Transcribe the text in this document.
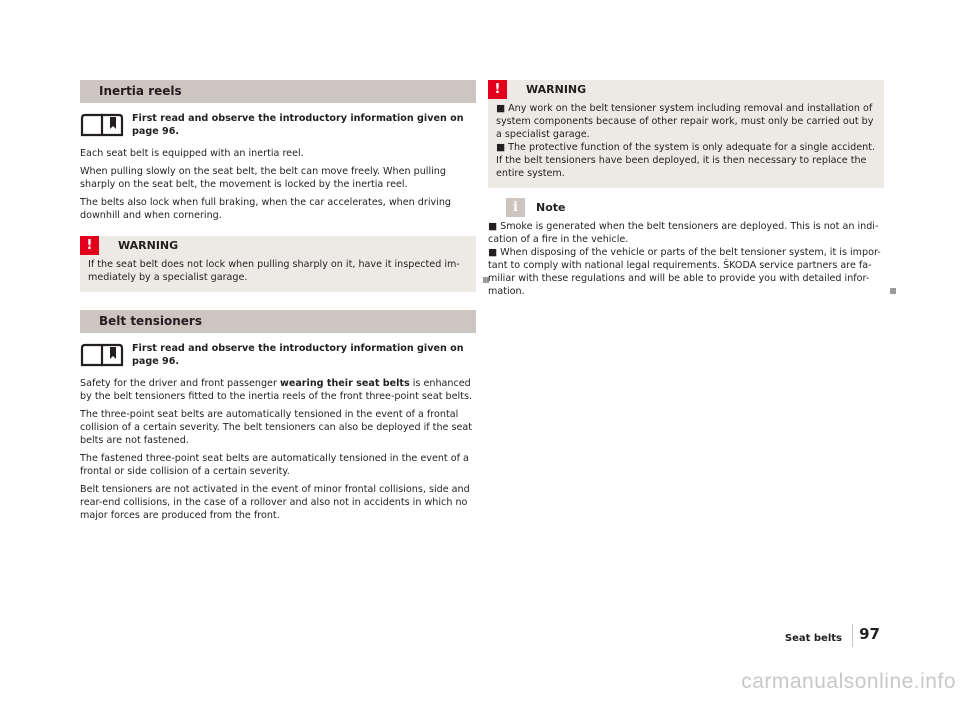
Inertia reels
First read and observe the introductory information given on page 96.

Each seat belt is equipped with an inertia reel.

When pulling slowly on the seat belt, the belt can move freely. When pulling sharply on the seat belt, the movement is locked by the inertia reel.

The belts also lock when full braking, when the car accelerates, when driving downhill and when cornering.

!	WARNING
If the seat belt does not lock when pulling sharply on it, have it inspected im-mediately by a specialist garage.
Belt tensioners
First read and observe the introductory information given on page 96.

Safety for the driver and front passenger wearing their seat belts is enhanced by the belt tensioners fitted to the inertia reels of the front three-point seat belts.

The three-point seat belts are automatically tensioned in the event of a frontal collision of a certain severity. The belt tensioners can also be deployed if the seat belts are not fastened.

The fastened three-point seat belts are automatically tensioned in the event of a frontal or side collision of a certain severity.

Belt tensioners are not activated in the event of minor frontal collisions, side and rear-end collisions, in the case of a rollover and also not in accidents in which no major forces are produced from the front.

!	WARNING
■ Any work on the belt tensioner system including removal and installation of system components because of other repair work, must only be carried out by a specialist garage.
■ The protective function of the system is only adequate for a single accident. If the belt tensioners have been deployed, it is then necessary to replace the entire system.
i	Note
■ Smoke is generated when the belt tensioners are deployed. This is not an indi-cation of a fire in the vehicle.
■ When disposing of the vehicle or parts of the belt tensioner system, it is impor-tant to comply with national legal requirements. ŠKODA service partners are fa-miliar with these regulations and will be able to provide you with detailed infor-mation.
Seat belts 97
carmanualsonline.info
